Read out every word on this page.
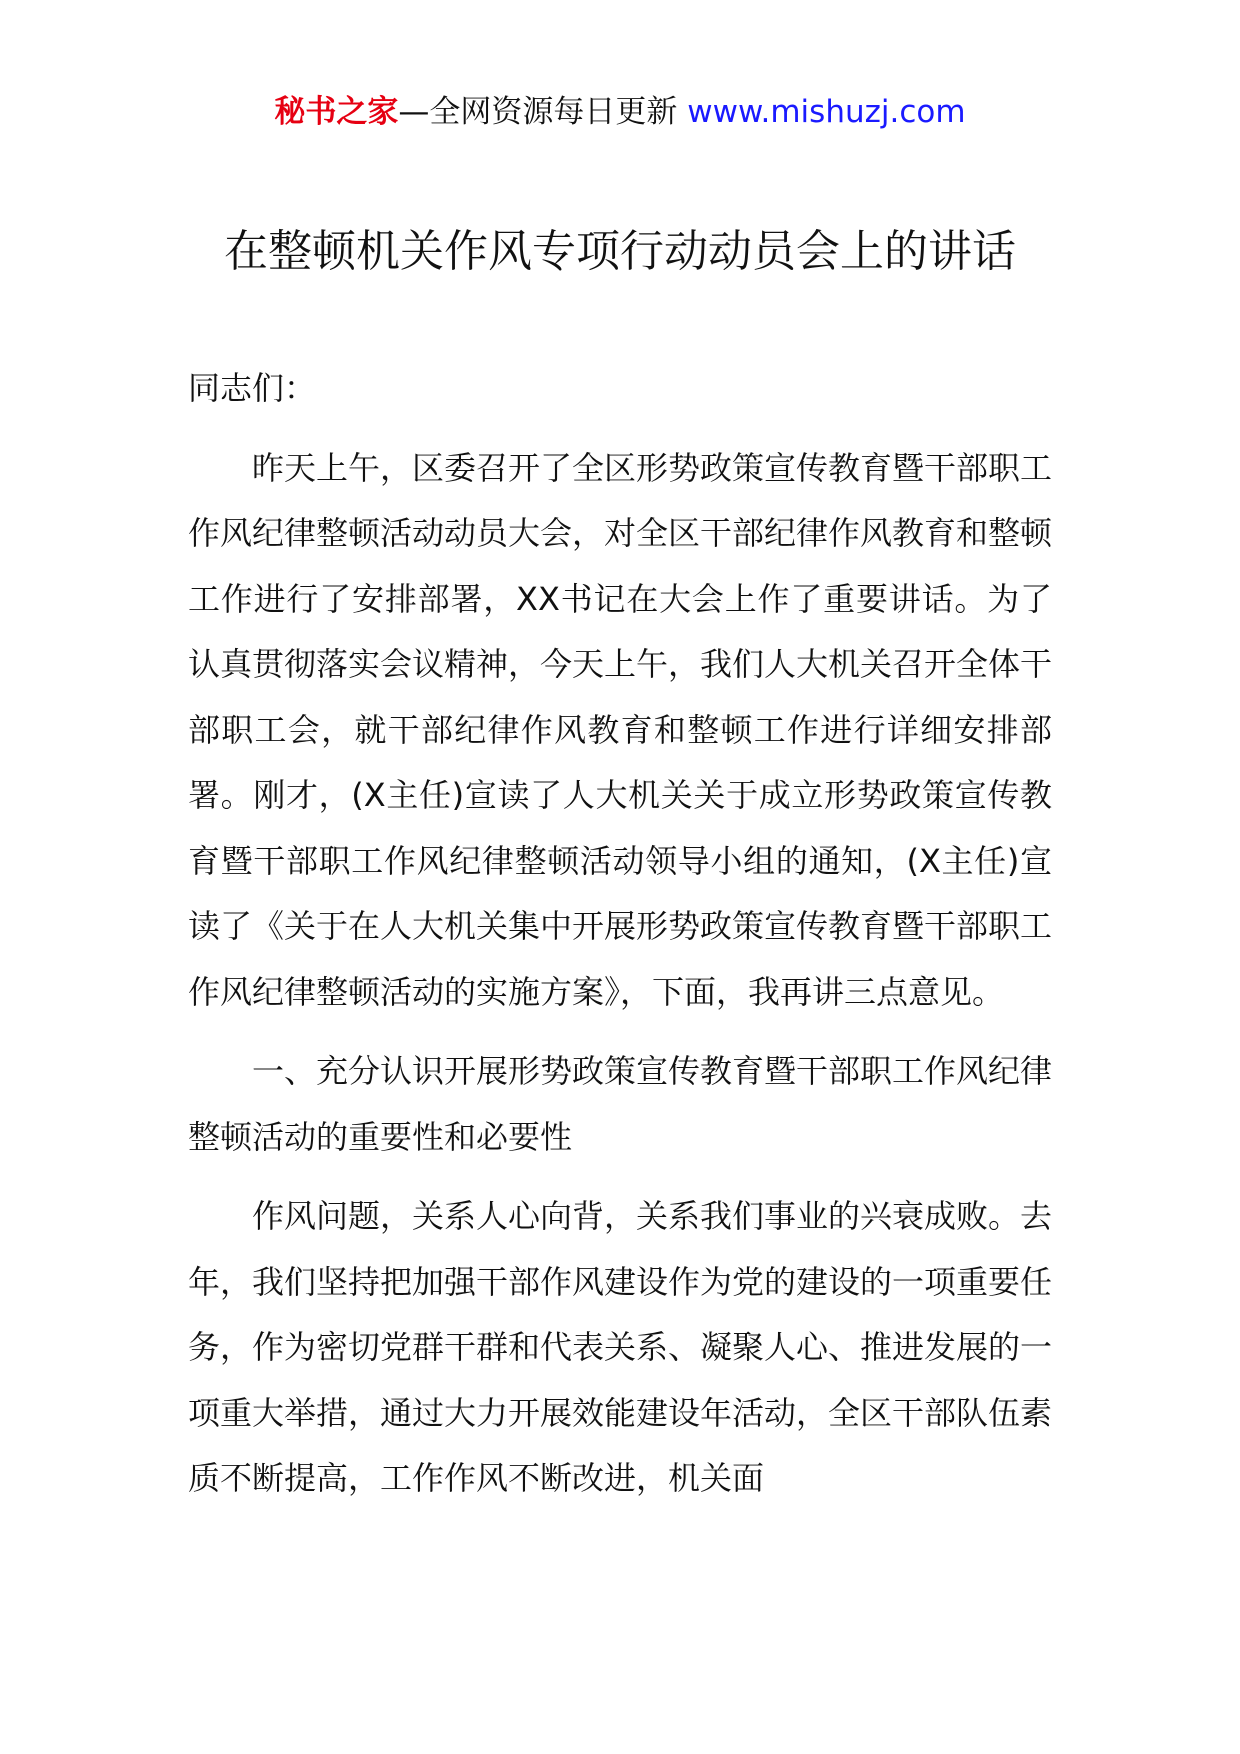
秘书之家—全网资源每日更新 www.mishuzj.com
在整顿机关作风专项行动动员会上的讲话

同志们：

昨天上午，区委召开了全区形势政策宣传教育暨干部职工作风纪律整顿活动动员大会，对全区干部纪律作风教育和整顿工作进行了安排部署，XX书记在大会上作了重要讲话。为了认真贯彻落实会议精神，今天上午，我们人大机关召开全体干部职工会，就干部纪律作风教育和整顿工作进行详细安排部署。刚才，(X主任)宣读了人大机关关于成立形势政策宣传教育暨干部职工作风纪律整顿活动领导小组的通知，(X主任)宣读了《关于在人大机关集中开展形势政策宣传教育暨干部职工作风纪律整顿活动的实施方案》，下面，我再讲三点意见。

一、充分认识开展形势政策宣传教育暨干部职工作风纪律整顿活动的重要性和必要性

作风问题，关系人心向背，关系我们事业的兴衰成败。去年，我们坚持把加强干部作风建设作为党的建设的一项重要任务，作为密切党群干群和代表关系、凝聚人心、推进发展的一项重大举措，通过大力开展效能建设年活动，全区干部队伍素质不断提高，工作作风不断改进，机关面
